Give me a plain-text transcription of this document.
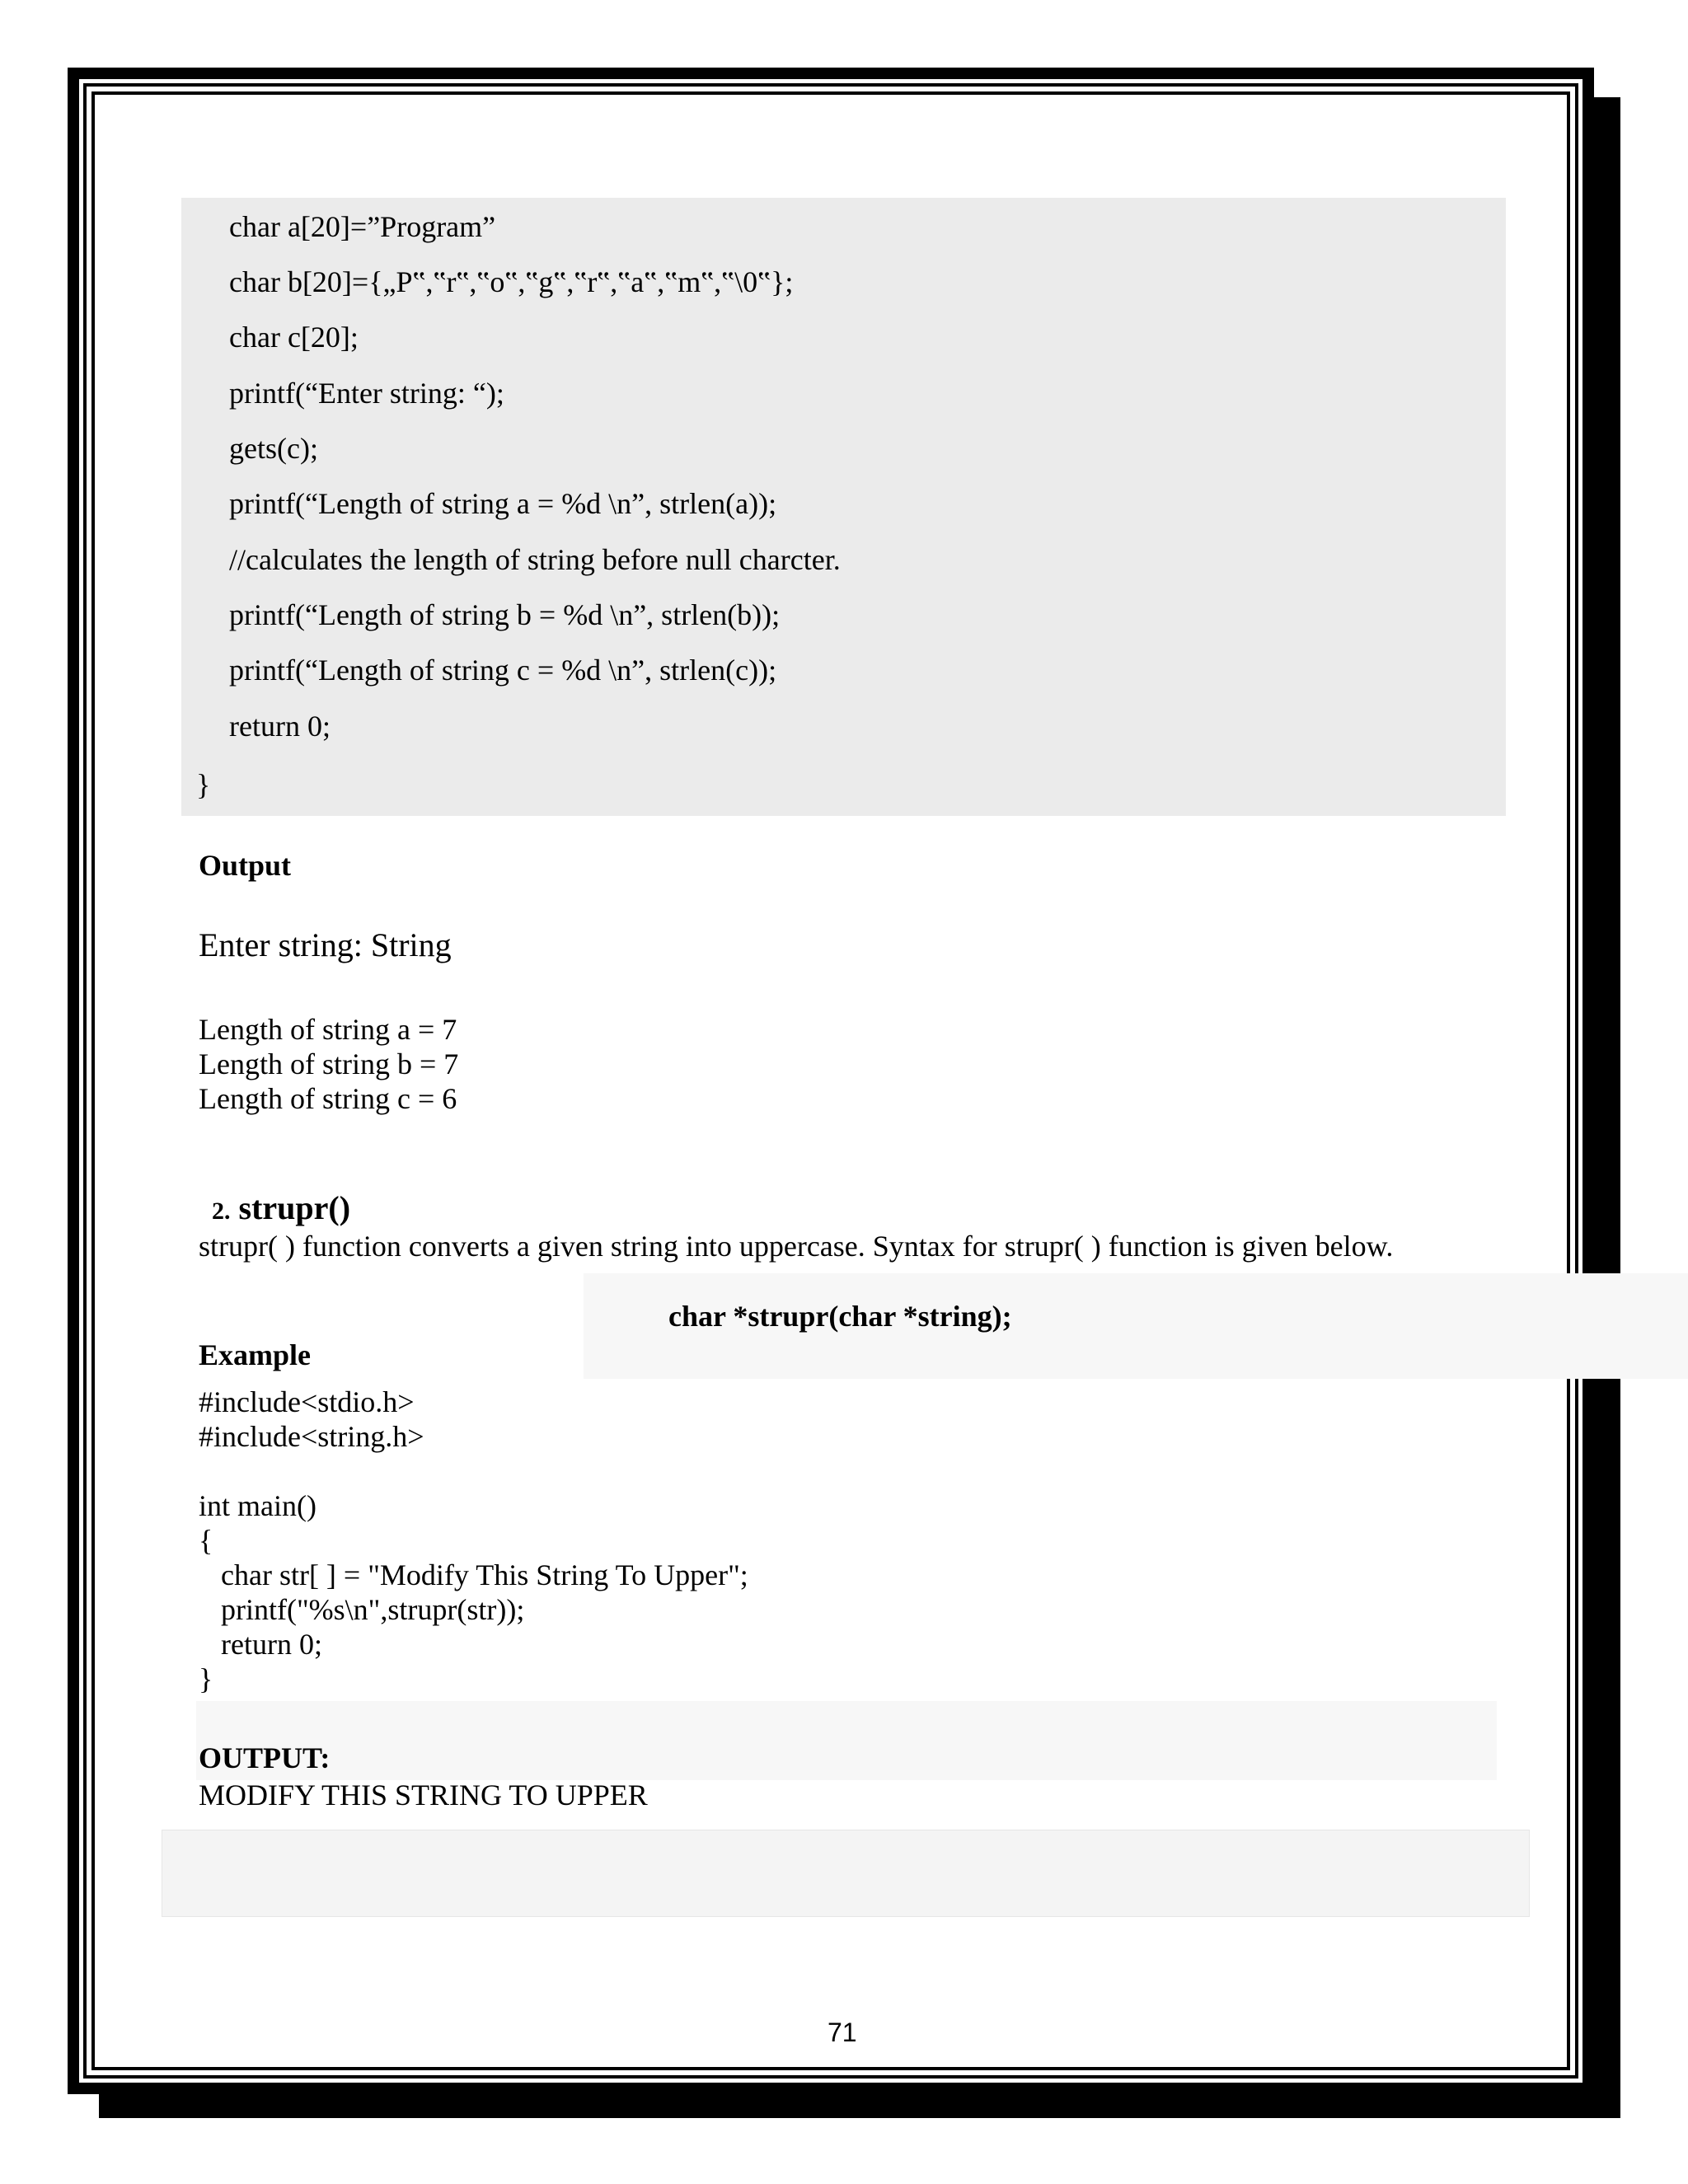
char a[20]=”Program”
char b[20]={„P‟,‟r‟,‟o‟,‟g‟,‟r‟,‟a‟,‟m‟,‟\0‟};
char c[20];
printf(“Enter string: “);
gets(c);
printf(“Length of string a = %d \n”, strlen(a));
//calculates the length of string before null charcter.
printf(“Length of string b = %d \n”, strlen(b));
printf(“Length of string c = %d \n”, strlen(c));
return 0;
}
Output
Enter string: String
Length of string a = 7
Length of string b = 7
Length of string c = 6

2. strupr()

strupr( ) function converts a given string into uppercase. Syntax for strupr( ) function is given below.
char *strupr(char *string);
Example
#include<stdio.h>
#include<string.h>
int main()
{
char str[ ] = "Modify This String To Upper";
printf("%s\n",strupr(str));
return 0;
}
OUTPUT:
MODIFY THIS STRING TO UPPER
71
